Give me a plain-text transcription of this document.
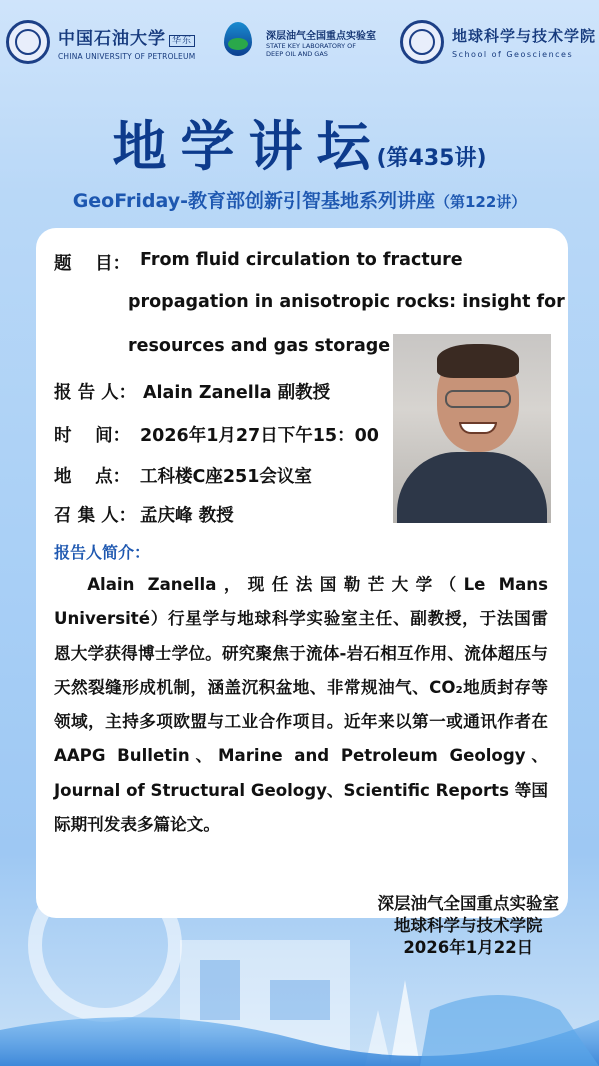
中国石油大学 华东
CHINA UNIVERSITY OF PETROLEUM
深层油气全国重点实验室
STATE KEY LABORATORY OF
DEEP OIL AND GAS
地球科学与技术学院
School of Geosciences
地学讲坛(第435讲)
GeoFriday-教育部创新引智基地系列讲座（第122讲）
题　 目： From fluid circulation to fracture
propagation in anisotropic rocks: insight for
resources and gas storage
报 告 人： Alain Zanella 副教授
时　 间： 2026年1月27日下午15：00
地　 点： 工科楼C座251会议室
召 集 人： 孟庆峰 教授
报告人简介：
Alain Zanella，现任法国勒芒大学（Le Mans Université）行星学与地球科学实验室主任、副教授，于法国雷恩大学获得博士学位。研究聚焦于流体-岩石相互作用、流体超压与天然裂缝形成机制，涵盖沉积盆地、非常规油气、CO₂地质封存等领域，主持多项欧盟与工业合作项目。近年来以第一或通讯作者在 AAPG Bulletin、Marine and Petroleum Geology、Journal of Structural Geology、Scientific Reports 等国际期刊发表多篇论文。
深层油气全国重点实验室
地球科学与技术学院
2026年1月22日
